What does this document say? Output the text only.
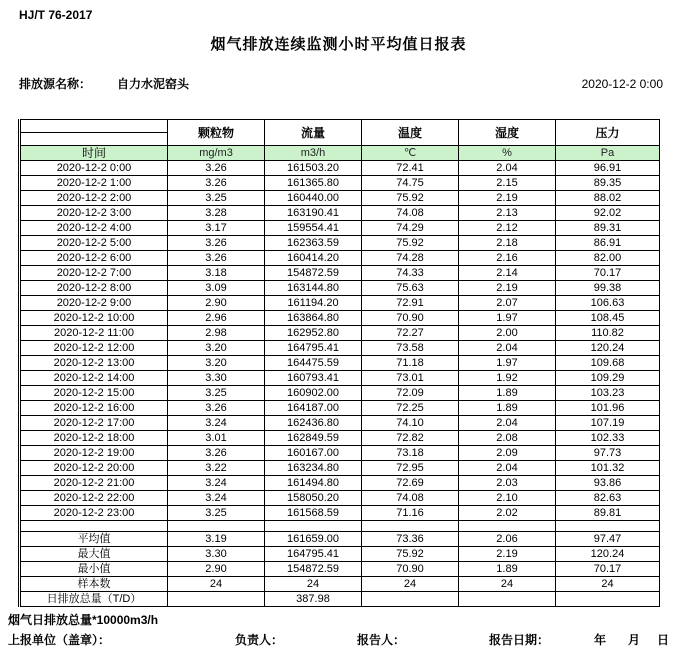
HJ/T 76-2017
烟气排放连续监测小时平均值日报表
排放源名称： 自力水泥窑头	2020-12-2 0:00
	颗粒物	流量	温度	湿度	压力

时间	mg/m3	m3/h	℃	%	Pa
2020-12-2 0:00	3.26	161503.20	72.41	2.04	96.91
2020-12-2 1:00	3.26	161365.80	74.75	2.15	89.35
2020-12-2 2:00	3.25	160440.00	75.92	2.19	88.02
2020-12-2 3:00	3.28	163190.41	74.08	2.13	92.02
2020-12-2 4:00	3.17	159554.41	74.29	2.12	89.31
2020-12-2 5:00	3.26	162363.59	75.92	2.18	86.91
2020-12-2 6:00	3.26	160414.20	74.28	2.16	82.00
2020-12-2 7:00	3.18	154872.59	74.33	2.14	70.17
2020-12-2 8:00	3.09	163144.80	75.63	2.19	99.38
2020-12-2 9:00	2.90	161194.20	72.91	2.07	106.63
2020-12-2 10:00	2.96	163864.80	70.90	1.97	108.45
2020-12-2 11:00	2.98	162952.80	72.27	2.00	110.82
2020-12-2 12:00	3.20	164795.41	73.58	2.04	120.24
2020-12-2 13:00	3.20	164475.59	71.18	1.97	109.68
2020-12-2 14:00	3.30	160793.41	73.01	1.92	109.29
2020-12-2 15:00	3.25	160902.00	72.09	1.89	103.23
2020-12-2 16:00	3.26	164187.00	72.25	1.89	101.96
2020-12-2 17:00	3.24	162436.80	74.10	2.04	107.19
2020-12-2 18:00	3.01	162849.59	72.82	2.08	102.33
2020-12-2 19:00	3.26	160167.00	73.18	2.09	97.73
2020-12-2 20:00	3.22	163234.80	72.95	2.04	101.32
2020-12-2 21:00	3.24	161494.80	72.69	2.03	93.86
2020-12-2 22:00	3.24	158050.20	74.08	2.10	82.63
2020-12-2 23:00	3.25	161568.59	71.16	2.02	89.81

平均值	3.19	161659.00	73.36	2.06	97.47
最大值	3.30	164795.41	75.92	2.19	120.24
最小值	2.90	154872.59	70.90	1.89	70.17
样本数	24	24	24	24	24
日排放总量（T/D）		387.98			
烟气日排放总量*10000m3/h
上报单位（盖章）：	负责人：	报告人：	报告日期：	年 月 日
